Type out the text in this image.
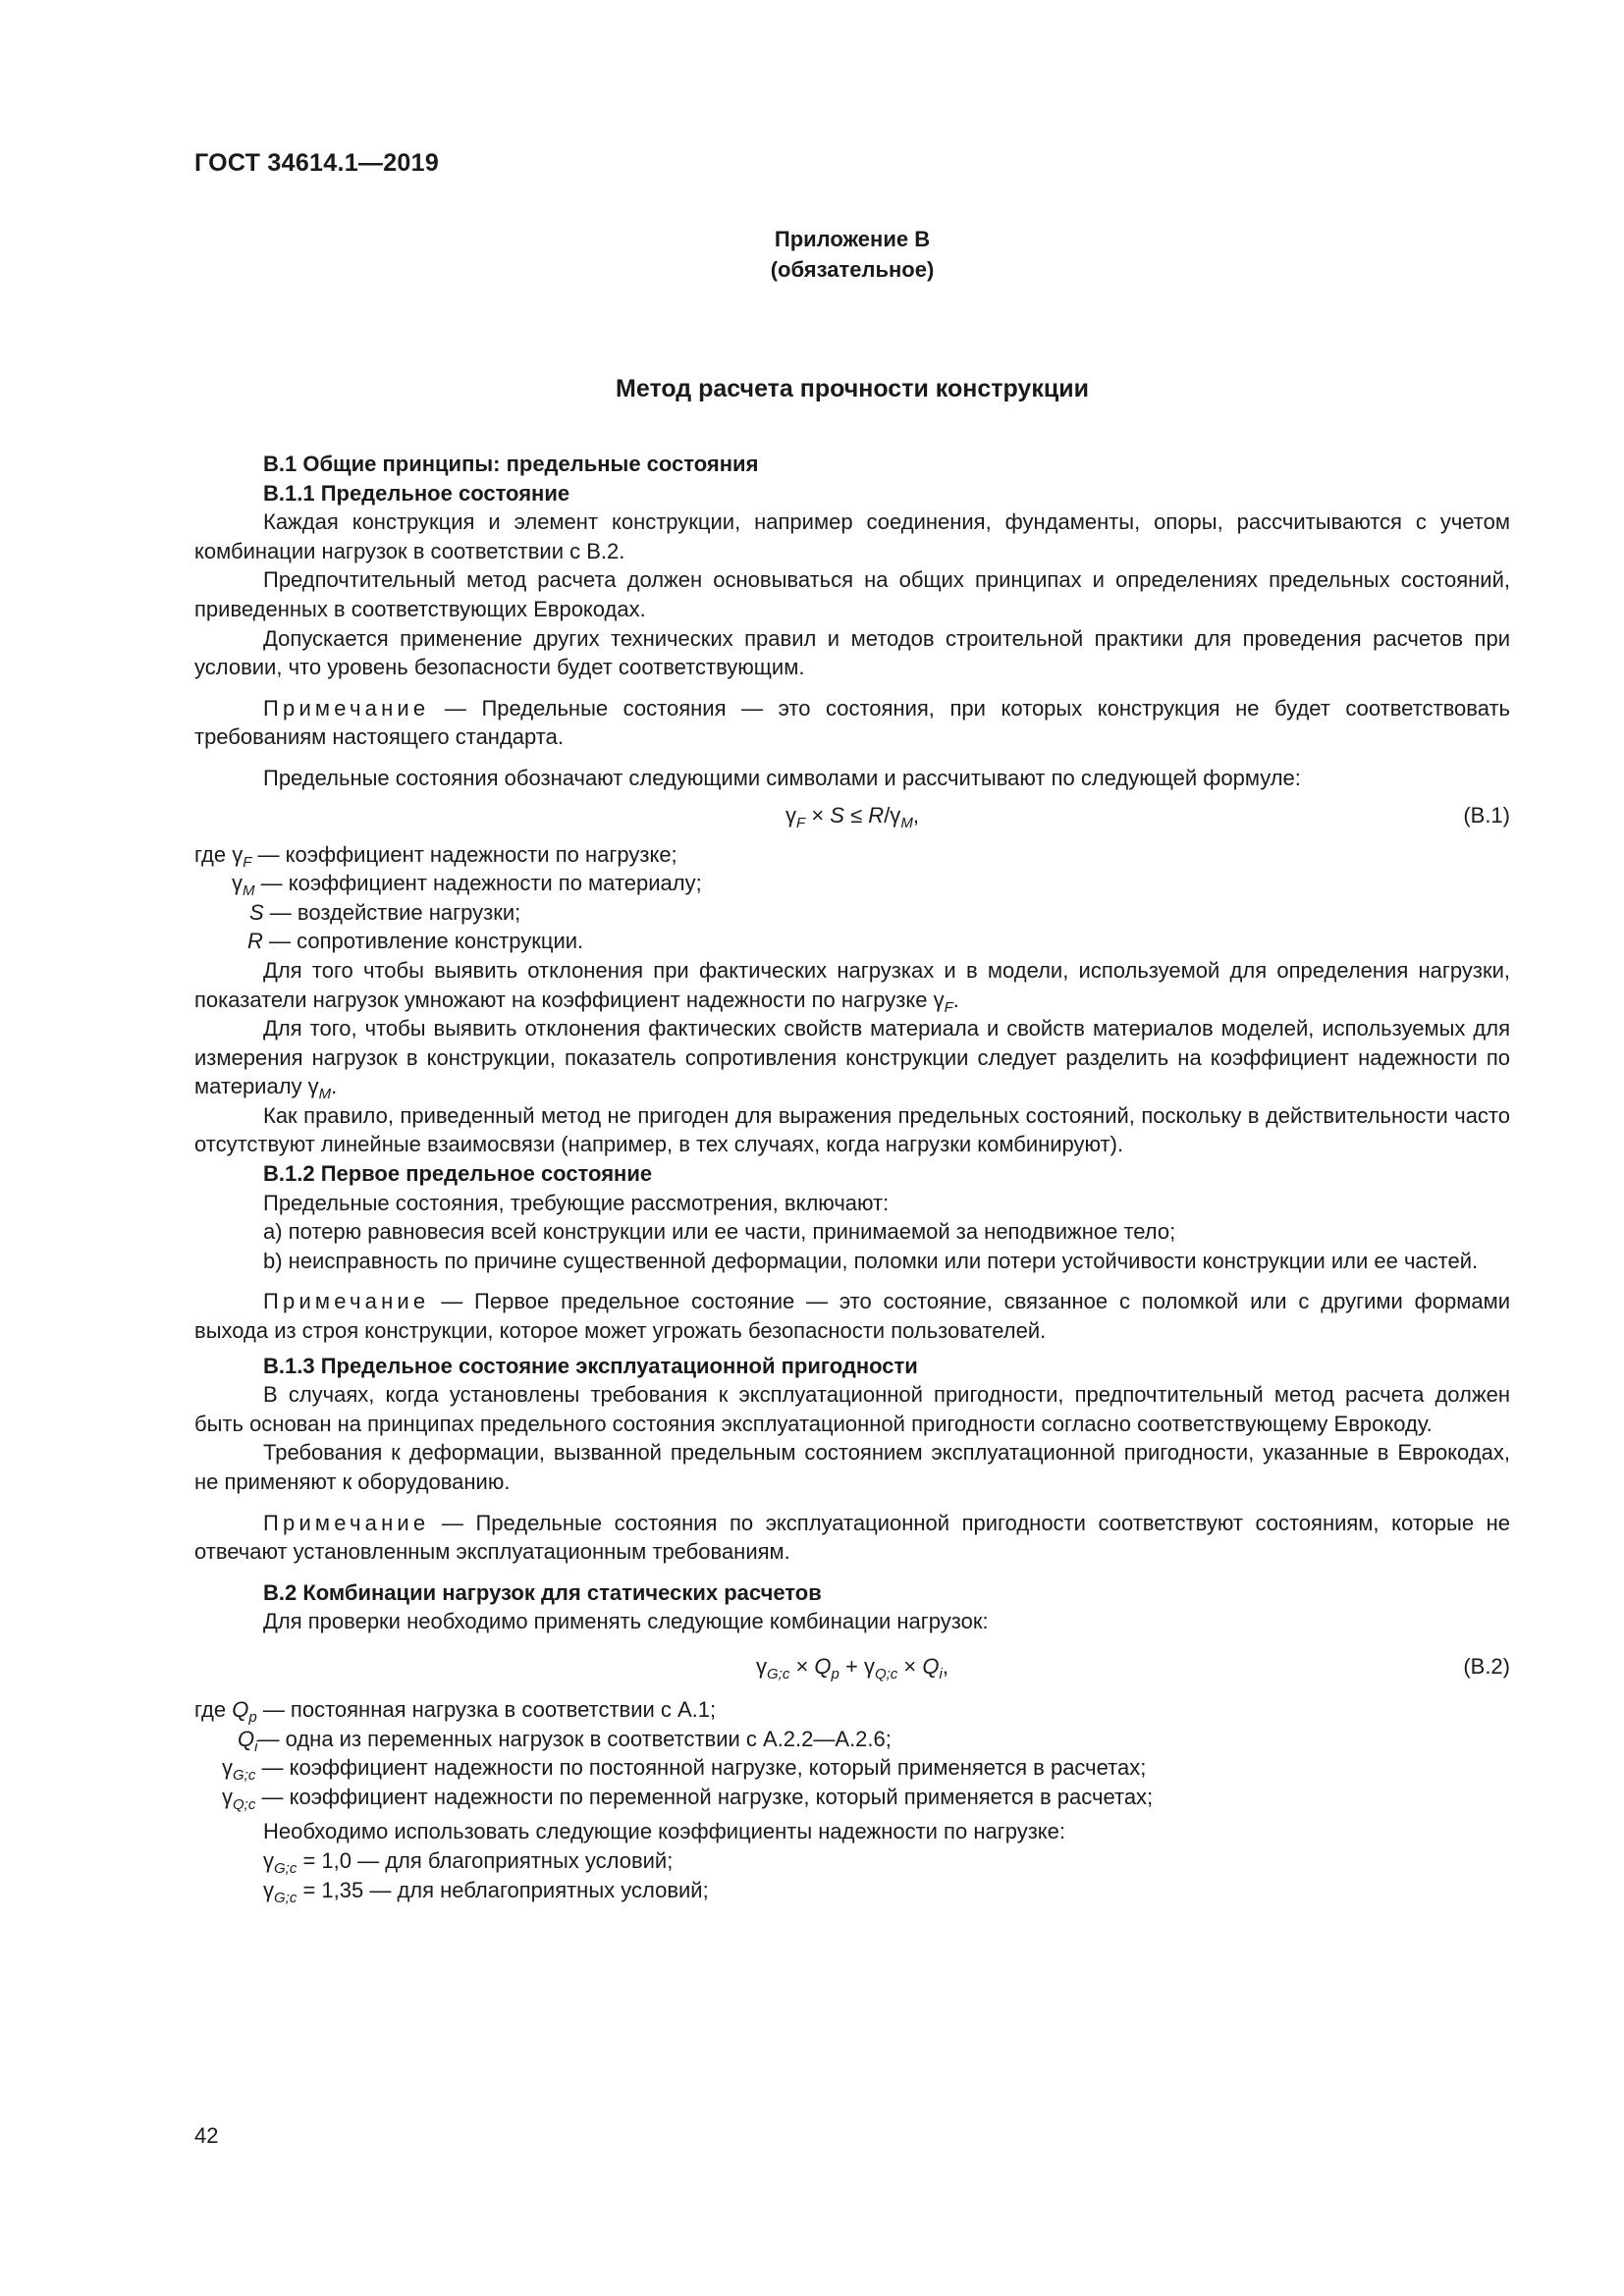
ГОСТ 34614.1—2019
Приложение В
(обязательное)
Метод расчета прочности конструкции

В.1 Общие принципы: предельные состояния

В.1.1 Предельное состояние

Каждая конструкция и элемент конструкции, например соединения, фундаменты, опоры, рассчитываются с учетом комбинации нагрузок в соответствии с В.2.

Предпочтительный метод расчета должен основываться на общих принципах и определениях предельных состояний, приведенных в соответствующих Еврокодах.

Допускается применение других технических правил и методов строительной практики для проведения расчетов при условии, что уровень безопасности будет соответствующим.

Примечание — Предельные состояния — это состояния, при которых конструкция не будет соответствовать требованиям настоящего стандарта.

Предельные состояния обозначают следующими символами и рассчитывают по следующей формуле:

$\gamma_F \times S \le R/\gamma_M$,	(В.1)

где $\gamma_F$ — коэффициент надежности по нагрузке;

$\gamma_M$ — коэффициент надежности по материалу;

S — воздействие нагрузки;

R — сопротивление конструкции.

Для того чтобы выявить отклонения при фактических нагрузках и в модели, используемой для определения нагрузки, показатели нагрузок умножают на коэффициент надежности по нагрузке $\gamma_F$.

Для того, чтобы выявить отклонения фактических свойств материала и свойств материалов моделей, используемых для измерения нагрузок в конструкции, показатель сопротивления конструкции следует разделить на коэффициент надежности по материалу $\gamma_M$.

Как правило, приведенный метод не пригоден для выражения предельных состояний, поскольку в действительности часто отсутствуют линейные взаимосвязи (например, в тех случаях, когда нагрузки комбинируют).

В.1.2 Первое предельное состояние

Предельные состояния, требующие рассмотрения, включают:

a) потерю равновесия всей конструкции или ее части, принимаемой за неподвижное тело;

b) неисправность по причине существенной деформации, поломки или потери устойчивости конструкции или ее частей.

Примечание — Первое предельное состояние — это состояние, связанное с поломкой или с другими формами выхода из строя конструкции, которое может угрожать безопасности пользователей.

В.1.3 Предельное состояние эксплуатационной пригодности

В случаях, когда установлены требования к эксплуатационной пригодности, предпочтительный метод расчета должен быть основан на принципах предельного состояния эксплуатационной пригодности согласно соответствующему Еврокоду.

Требования к деформации, вызванной предельным состоянием эксплуатационной пригодности, указанные в Еврокодах, не применяют к оборудованию.

Примечание — Предельные состояния по эксплуатационной пригодности соответствуют состояниям, которые не отвечают установленным эксплуатационным требованиям.

В.2 Комбинации нагрузок для статических расчетов

Для проверки необходимо применять следующие комбинации нагрузок:

$\gamma_{G;c} \times Q_p + \gamma_{Q;c} \times Q_i$,	(В.2)

где $Q_p$ — постоянная нагрузка в соответствии с А.1;

$Q_i—$ одна из переменных нагрузок в соответствии с А.2.2—А.2.6;

$\gamma_{G;c}$ — коэффициент надежности по постоянной нагрузке, который применяется в расчетах;

$\gamma_{Q;c}$ — коэффициент надежности по переменной нагрузке, который применяется в расчетах;

Необходимо использовать следующие коэффициенты надежности по нагрузке:

$\gamma_{G;c} = 1,0$ — для благоприятных условий;

$\gamma_{G;c} = 1,35$ — для неблагоприятных условий;

42
